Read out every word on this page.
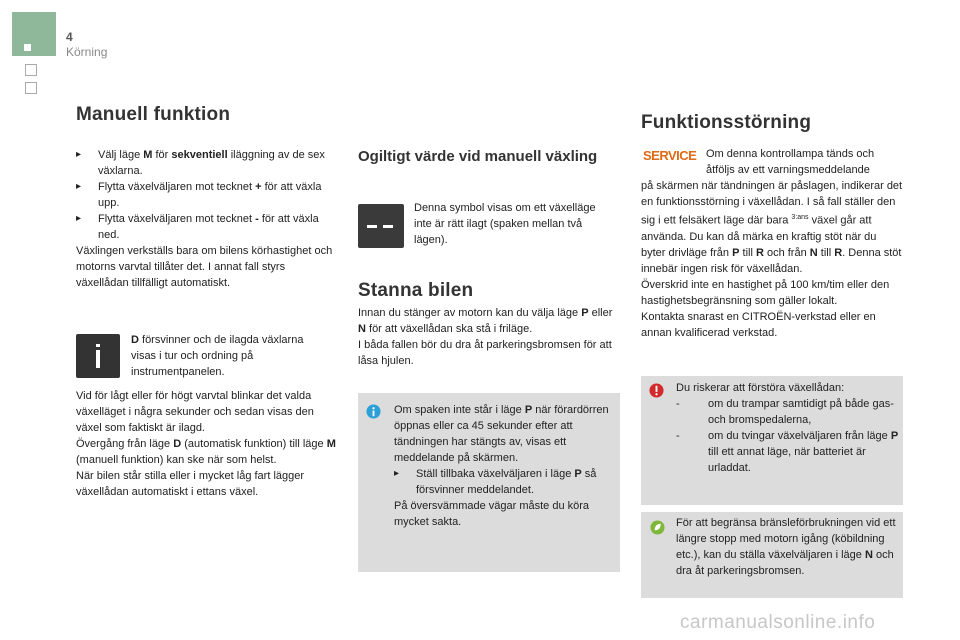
4
Körning
Manuell funktion
▸ Välj läge M för sekventiell iläggning av de sex växlarna.
▸ Flytta växelväljaren mot tecknet + för att växla upp.
▸ Flytta växelväljaren mot tecknet - för att växla ned.

Växlingen verkställs bara om bilens körhastighet och motorns varvtal tillåter det. I annat fall styrs växellådan tillfälligt automatiskt.

D försvinner och de ilagda växlarna visas i tur och ordning på instrumentpanelen.

Vid för lågt eller för högt varvtal blinkar det valda växelläget i några sekunder och sedan visas den växel som faktiskt är ilagd.

Övergång från läge D (automatisk funktion) till läge M (manuell funktion) kan ske när som helst.

När bilen står stilla eller i mycket låg fart lägger växellådan automatiskt i ettans växel.

Ogiltigt värde vid manuell växling
Denna symbol visas om ett växelläge inte är rätt ilagt (spaken mellan två lägen).
Stanna bilen

Innan du stänger av motorn kan du välja läge P eller N för att växellådan ska stå i friläge.

I båda fallen bör du dra åt parkeringsbromsen för att låsa hjulen.

Om spaken inte står i läge P när förardörren öppnas eller ca 45 sekunder efter att tändningen har stängts av, visas ett meddelande på skärmen.

▸ Ställ tillbaka växelväljaren i läge P så försvinner meddelandet.

På översvämmade vägar måste du köra mycket sakta.

Funktionsstörning
SERVICE Om denna kontrollampa tänds och åtföljs av ett varningsmeddelande

på skärmen när tändningen är påslagen, indikerar det en funktionsstörning i växellådan. I så fall ställer den sig i ett felsäkert läge där bara $^{3:ans}$ växel går att använda. Du kan då märka en kraftig stöt när du byter drivläge från P till R och från N till R. Denna stöt innebär ingen risk för växellådan.

Överskrid inte en hastighet på 100 km/tim eller den hastighetsbegränsning som gäller lokalt.

Kontakta snarast en CITROËN-verkstad eller en annan kvalificerad verkstad.

Du riskerar att förstöra växellådan:

-	om du trampar samtidigt på både gas- och bromspedalerna,
-	om du tvingar växelväljaren från läge P till ett annat läge, när batteriet är urladdat.
För att begränsa bränsleförbrukningen vid ett längre stopp med motorn igång (köbildning etc.), kan du ställa växelväljaren i läge N och dra åt parkeringsbromsen.
carmanualsonline.info
